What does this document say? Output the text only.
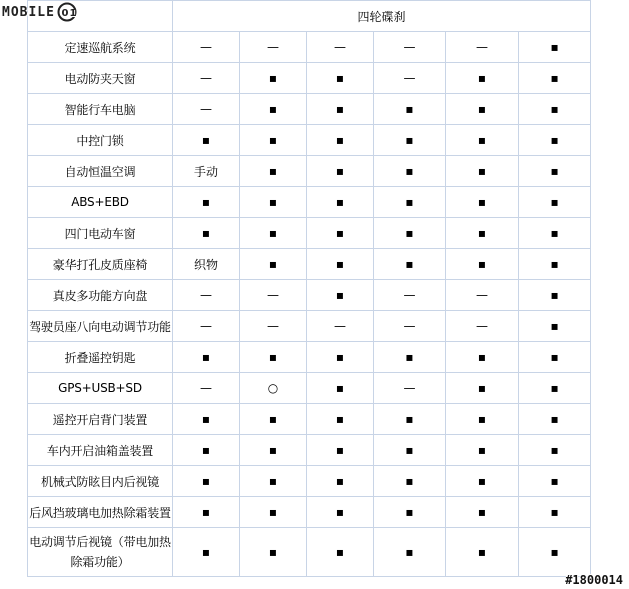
	四轮碟刹					
定速巡航系统	—	—	—	—	—	▪
电动防夹天窗	—	▪	▪	—	▪	▪
智能行车电脑	—	▪	▪	▪	▪	▪
中控门锁	▪	▪	▪	▪	▪	▪
自动恒温空调	手动	▪	▪	▪	▪	▪
ABS+EBD	▪	▪	▪	▪	▪	▪
四门电动车窗	▪	▪	▪	▪	▪	▪
豪华打孔皮质座椅	织物	▪	▪	▪	▪	▪
真皮多功能方向盘	—	—	▪	—	—	▪
驾驶员座八向电动调节功能	—	—	—	—	—	▪
折叠遥控钥匙	▪	▪	▪	▪	▪	▪
GPS+USB+SD	—	○	▪	—	▪	▪
遥控开启背门装置	▪	▪	▪	▪	▪	▪
车内开启油箱盖装置	▪	▪	▪	▪	▪	▪
机械式防眩目内后视镜	▪	▪	▪	▪	▪	▪
后风挡玻璃电加热除霜装置	▪	▪	▪	▪	▪	▪
电动调节后视镜（带电加热除霜功能）	▪	▪	▪	▪	▪	▪
MOBILE 01
#1800014
